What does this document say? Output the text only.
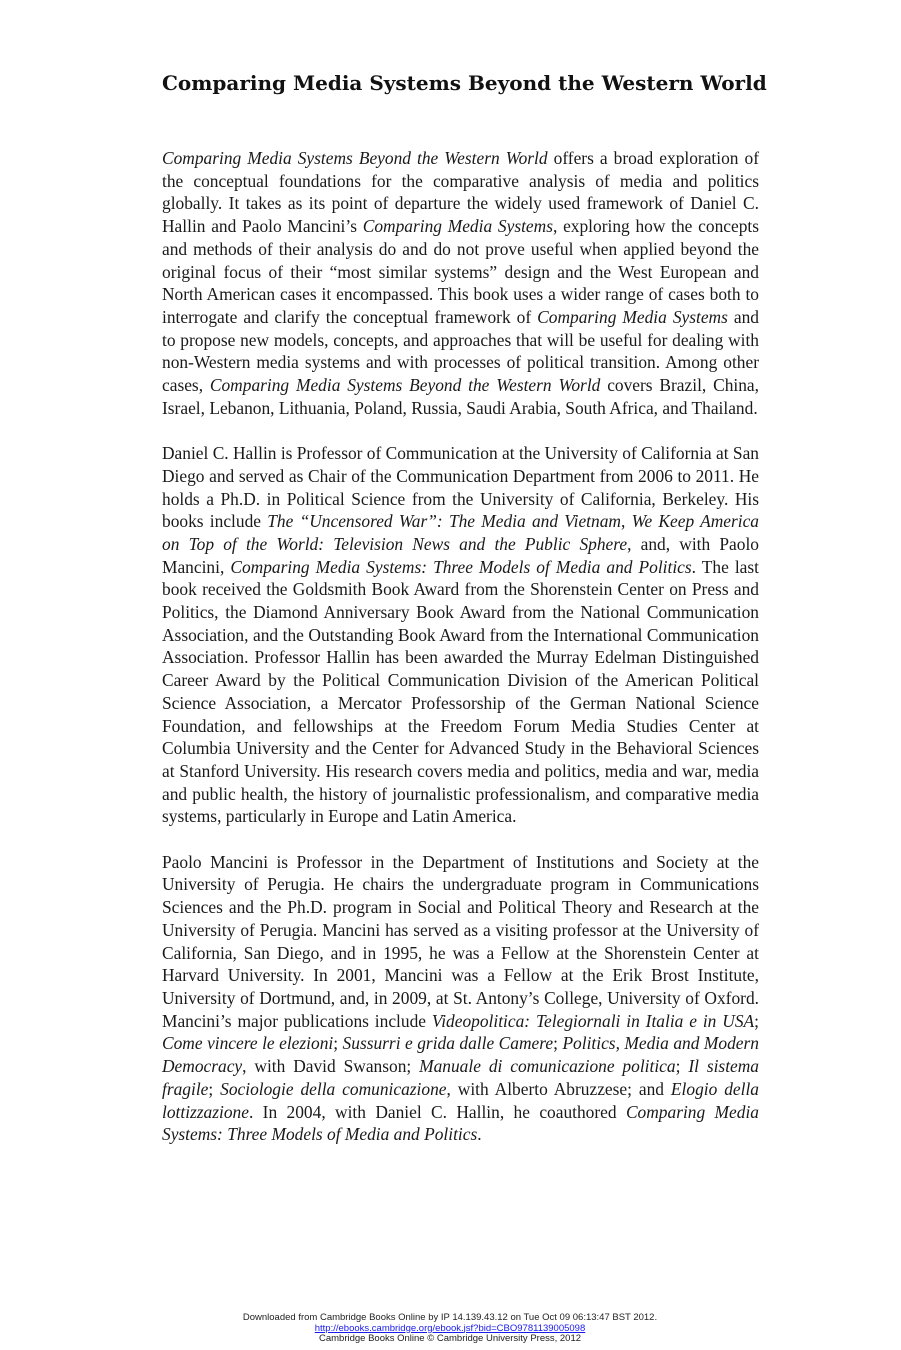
Comparing Media Systems Beyond the Western World

Comparing Media Systems Beyond the Western World offers a broad exploration of the conceptual foundations for the comparative analysis of media and politics globally. It takes as its point of departure the widely used framework of Daniel C. Hallin and Paolo Mancini’s Comparing Media Systems, exploring how the concepts and methods of their analysis do and do not prove useful when applied beyond the original focus of their “most similar systems” design and the West European and North American cases it encompassed. This book uses a wider range of cases both to interrogate and clarify the conceptual framework of Comparing Media Systems and to propose new models, concepts, and approaches that will be useful for dealing with non-Western media systems and with processes of political transition. Among other cases, Comparing Media Systems Beyond the Western World covers Brazil, China, Israel, Lebanon, Lithuania, Poland, Russia, Saudi Arabia, South Africa, and Thailand.

Daniel C. Hallin is Professor of Communication at the University of California at San Diego and served as Chair of the Communication Department from 2006 to 2011. He holds a Ph.D. in Political Science from the University of California, Berkeley. His books include The “Uncensored War”: The Media and Vietnam, We Keep America on Top of the World: Television News and the Public Sphere, and, with Paolo Mancini, Comparing Media Systems: Three Models of Media and Politics. The last book received the Goldsmith Book Award from the Shorenstein Center on Press and Politics, the Diamond Anniversary Book Award from the National Communication Association, and the Outstanding Book Award from the International Communication Association. Professor Hallin has been awarded the Murray Edelman Distinguished Career Award by the Political Communication Division of the American Political Science Association, a Mercator Professorship of the German National Science Foundation, and fellowships at the Freedom Forum Media Studies Center at Columbia University and the Center for Advanced Study in the Behavioral Sciences at Stanford University. His research covers media and politics, media and war, media and public health, the history of journalistic professionalism, and comparative media systems, particularly in Europe and Latin America.

Paolo Mancini is Professor in the Department of Institutions and Society at the University of Perugia. He chairs the undergraduate program in Communications Sciences and the Ph.D. program in Social and Political Theory and Research at the University of Perugia. Mancini has served as a visiting professor at the University of California, San Diego, and in 1995, he was a Fellow at the Shorenstein Center at Harvard University. In 2001, Mancini was a Fellow at the Erik Brost Institute, University of Dortmund, and, in 2009, at St. Antony’s College, University of Oxford. Mancini’s major publications include Videopolitica: Telegiornali in Italia e in USA; Come vincere le elezioni; Sussurri e grida dalle Camere; Politics, Media and Modern Democracy, with David Swanson; Manuale di comunicazione politica; Il sistema fragile; Sociologie della comunicazione, with Alberto Abruzzese; and Elogio della lottizzazione. In 2004, with Daniel C. Hallin, he coauthored Comparing Media Systems: Three Models of Media and Politics.

Downloaded from Cambridge Books Online by IP 14.139.43.12 on Tue Oct 09 06:13:47 BST 2012.
http://ebooks.cambridge.org/ebook.jsf?bid=CBO9781139005098
Cambridge Books Online © Cambridge University Press, 2012
